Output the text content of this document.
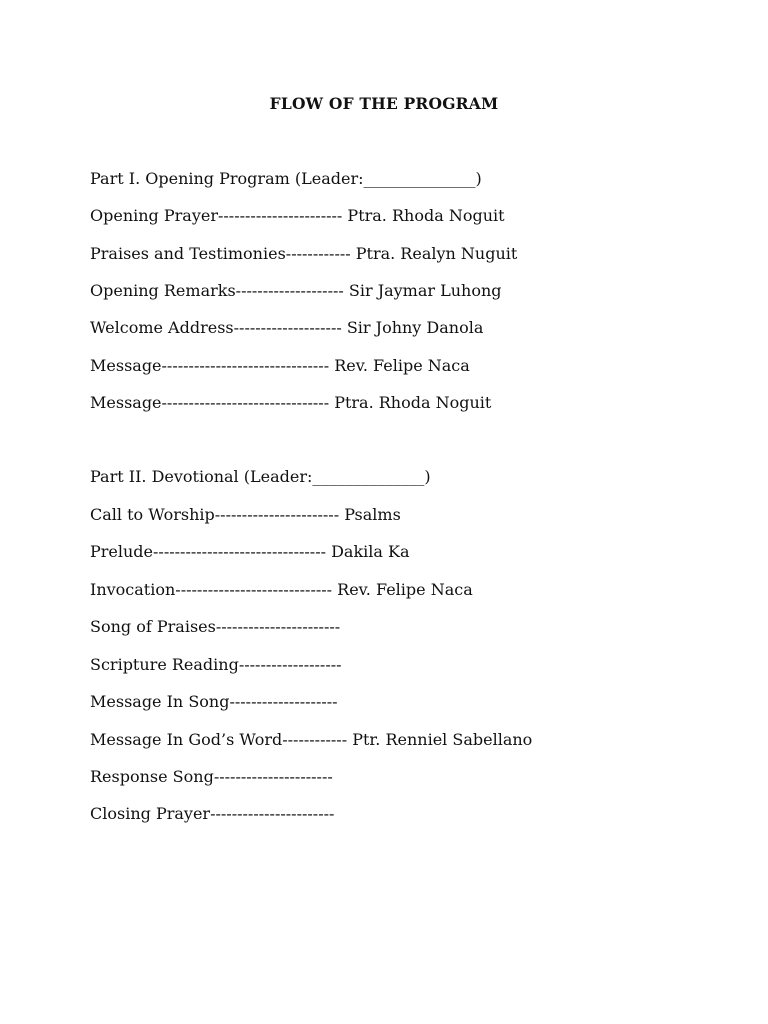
FLOW OF THE PROGRAM

Part I. Opening Program (Leader:______________)

Opening Prayer----------------------- Ptra. Rhoda Noguit

Praises and Testimonies------------ Ptra. Realyn Nuguit

Opening Remarks-------------------- Sir Jaymar Luhong

Welcome Address-------------------- Sir Johny Danola

Message------------------------------- Rev. Felipe Naca

Message------------------------------- Ptra. Rhoda Noguit

Part II. Devotional (Leader:______________)

Call to Worship----------------------- Psalms

Prelude-------------------------------- Dakila Ka

Invocation----------------------------- Rev. Felipe Naca

Song of Praises-----------------------

Scripture Reading-------------------

Message In Song--------------------

Message In God’s Word------------ Ptr. Renniel Sabellano

Response Song----------------------

Closing Prayer-----------------------
